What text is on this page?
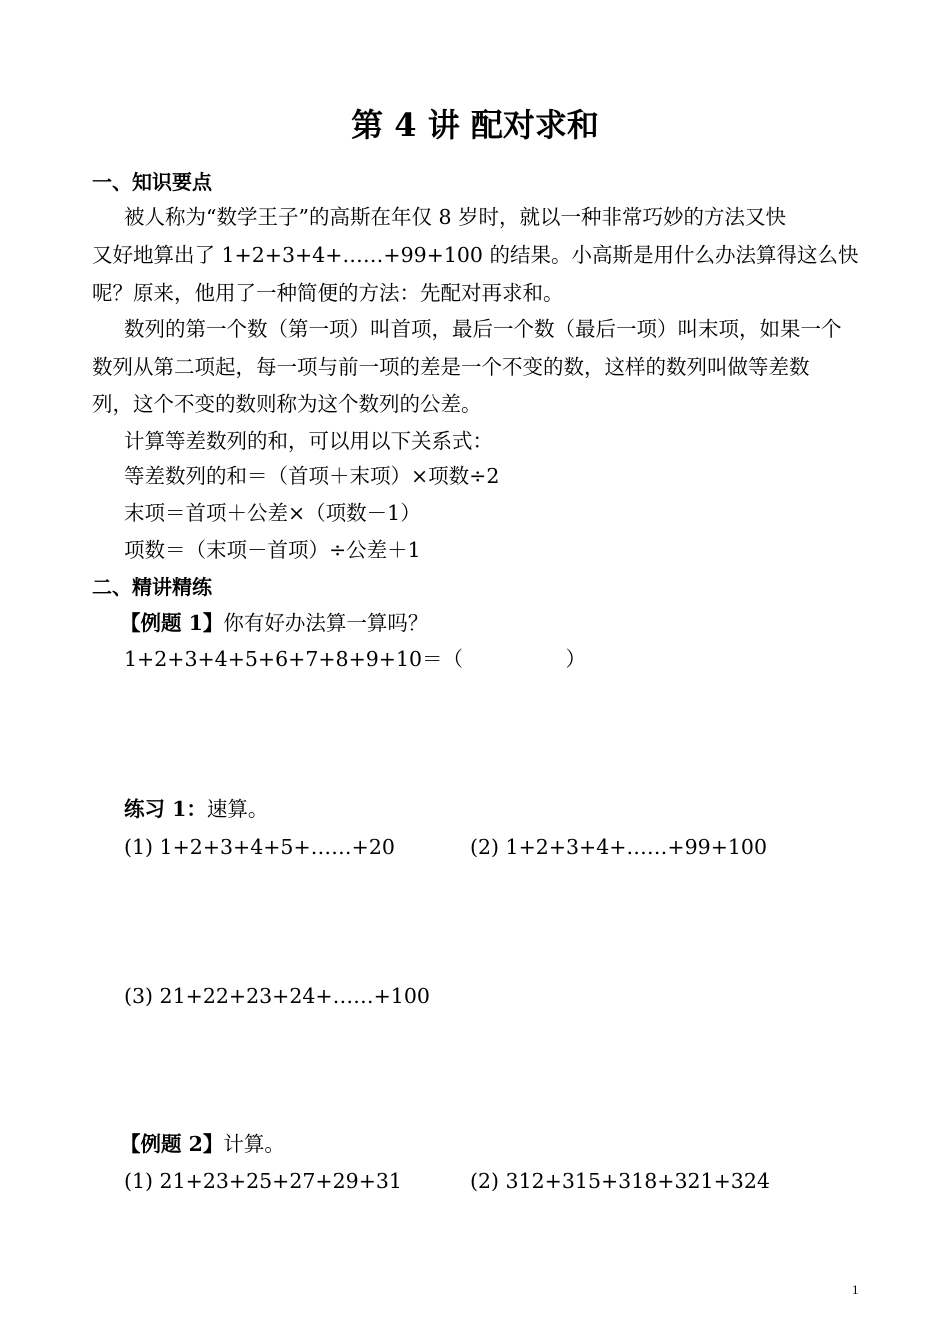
第 4 讲 配对求和
一、知识要点
被人称为“数学王子”的高斯在年仅 8 岁时，就以一种非常巧妙的方法又快
又好地算出了 1+2+3+4+……+99+100 的结果。小高斯是用什么办法算得这么快
呢？原来，他用了一种简便的方法：先配对再求和。
数列的第一个数（第一项）叫首项，最后一个数（最后一项）叫末项，如果一个
数列从第二项起，每一项与前一项的差是一个不变的数，这样的数列叫做等差数
列，这个不变的数则称为这个数列的公差。
计算等差数列的和，可以用以下关系式：
等差数列的和＝（首项＋末项）×项数÷2
末项＝首项＋公差×（项数－1）
项数＝（末项－首项）÷公差＋1
二、精讲精练
【例题 1】你有好办法算一算吗？
1+2+3+4+5+6+7+8+9+10＝（　　　　　）
练习 1：速算。
(1) 1+2+3+4+5+……+20	(2) 1+2+3+4+……+99+100
(3) 21+22+23+24+……+100
【例题 2】计算。
(1) 21+23+25+27+29+31	(2) 312+315+318+321+324
1
